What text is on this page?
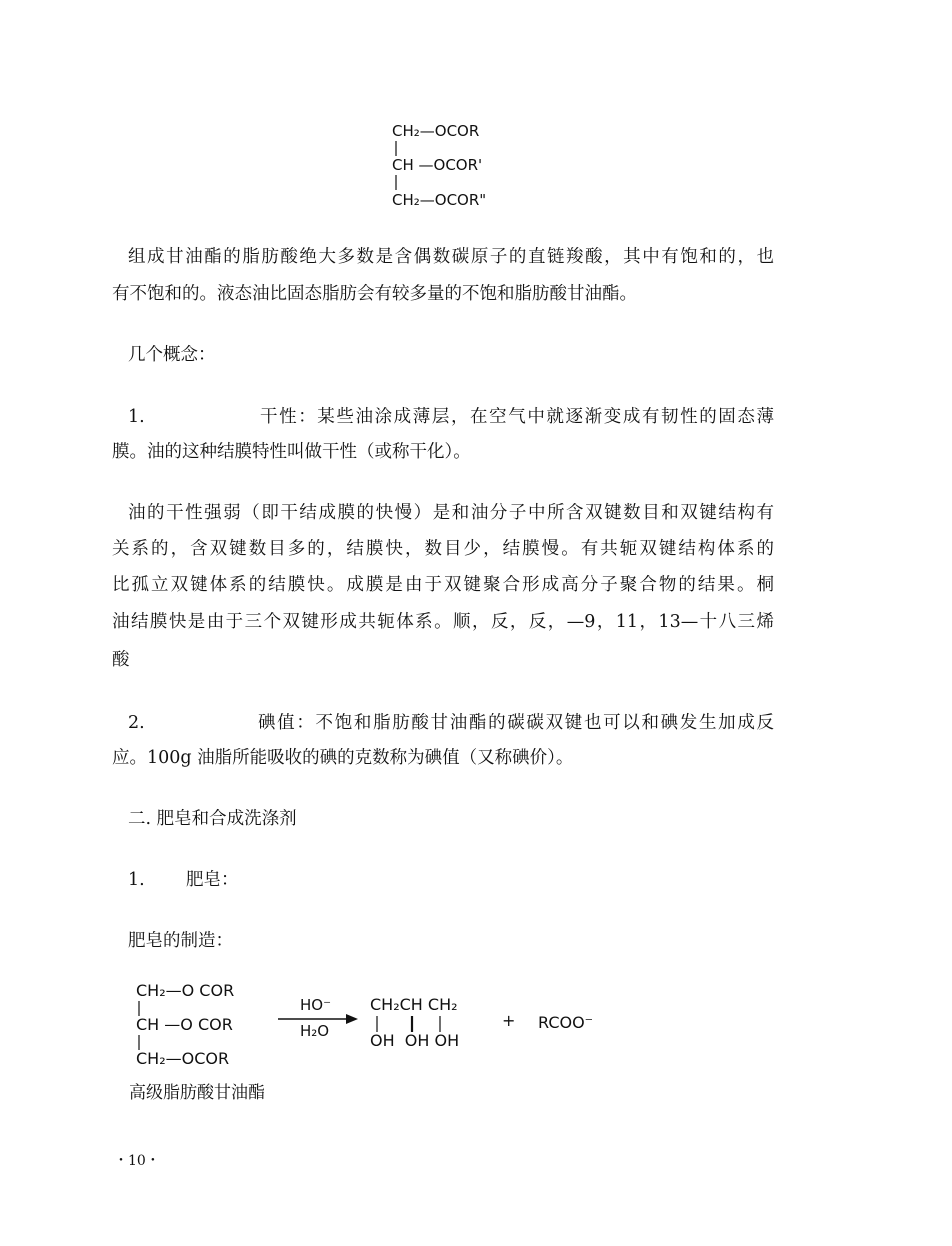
CH₂—OCOR
CH —OCOR'
CH₂—OCOR"
组成甘油酯的脂肪酸绝大多数是含偶数碳原子的直链羧酸，其中有饱和的，也
有不饱和的。液态油比固态脂肪会有较多量的不饱和脂肪酸甘油酯。
几个概念：
1.	干性：某些油涂成薄层，在空气中就逐渐变成有韧性的固态薄
膜。油的这种结膜特性叫做干性（或称干化）。
油的干性强弱（即干结成膜的快慢）是和油分子中所含双键数目和双键结构有
关系的，含双键数目多的，结膜快，数目少，结膜慢。有共轭双键结构体系的
比孤立双键体系的结膜快。成膜是由于双键聚合形成高分子聚合物的结果。桐
油结膜快是由于三个双键形成共轭体系。顺，反，反，—9，11，13—十八三烯
酸
2.	碘值：不饱和脂肪酸甘油酯的碳碳双键也可以和碘发生加成反
应。100g 油脂所能吸收的碘的克数称为碘值（又称碘价）。
二. 肥皂和合成洗涤剂
1. 肥皂：
肥皂的制造：
CH₂—O COR
CH —O COR
CH₂—OCOR
高级脂肪酸甘油酯
HO⁻
H₂O
CH₂CH CH₂
OH  OH OH
+ RCOO⁻
・10・
